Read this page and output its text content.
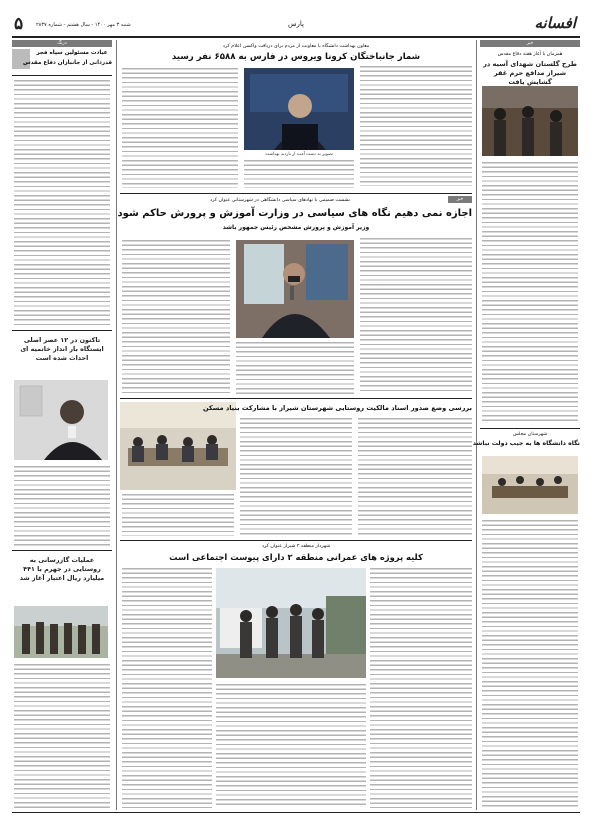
۵	شنبه ۳ مهر ۱۴۰۰ - سال هشتم - شماره ۲۸۳۷	پارس	افسانه
درنگ
عبادت مسئولین سپاه فجر
قدردانی از جانبازان دفاع مقدس
تاکنون در ۱۲ عصر اصلی ایستگاه بار انداز خاتمیه ای احداث شده است
عملیات گازرسانی به روستایی در جهرم با ۴۴۱ میلیارد ریال اعتبار آغاز شد
معاون بهداشت دانشگاه با معاونت از مردم برای دریافت واکسن اعلام کرد
شمار جانباختگان کرونا ویروس در فارس به ۶۵۸۸ نفر رسید
تصویر به دست آمده از بازدید بهداشت
خبر
نشست صمیمی با نهادهای سیاسی دانشگاهی در شهرستانی عنوان کرد
اجازه نمی دهیم نگاه های سیاسی در وزارت آموزش و پرورش حاکم شود
وزیر آموزش و پرورش مشخص رئیس جمهور باشد
بررسی وضع صدور اسناد مالکیت روستایی شهرستان شیراز با مشارکت بنیاد مسکن
شهردار منطقه ۲ شیراز عنوان کرد
کلیه پروژه های عمرانی منطقه ۲ دارای پیوست اجتماعی است
خبر
همزمان با آغاز هفته دفاع مقدس
طرح گلستان شهدای آسیه در شیراز مدافع حرم غفر گشایش یافت
شهرستان مجلس
نگاه دانشگاه ها به جیب دولت نباشد
